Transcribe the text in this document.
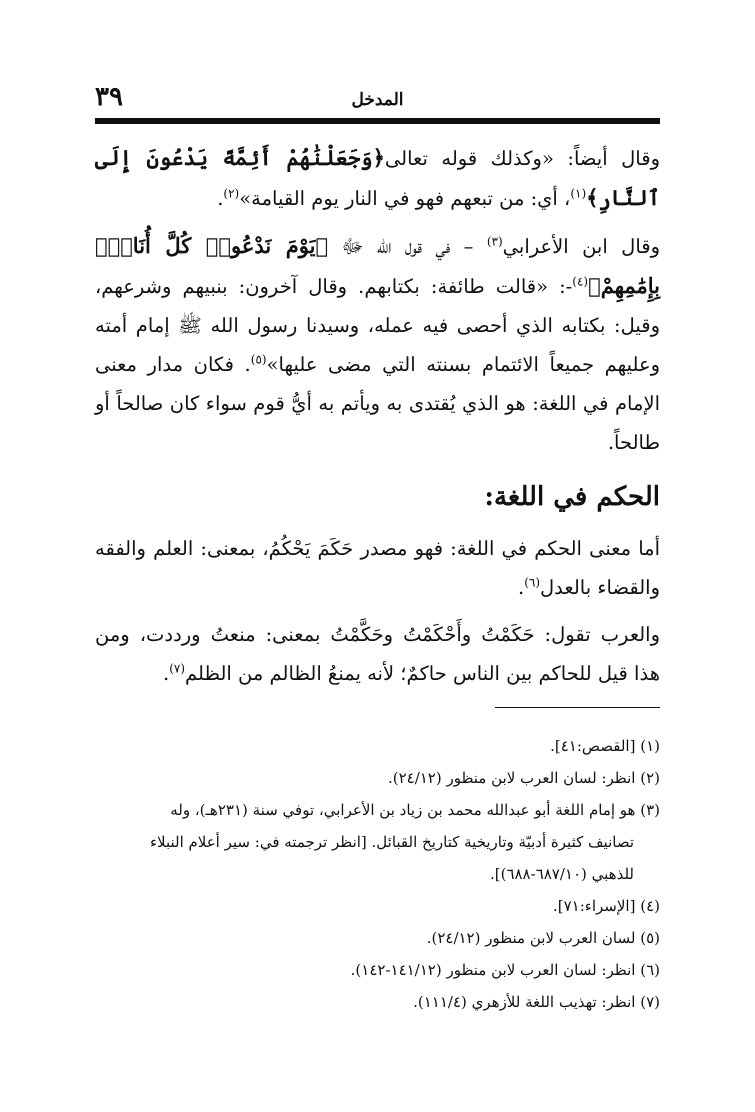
٣٩	المدخل

وقال أيضاً: «وكذلك قوله تعالى﴿وَجَعَلْنَٰهُمْ أَئِمَّةً يَدْعُونَ إِلَى ٱلنَّارِ﴾$^{(١)}$، أي: من تبعهم فهو في النار يوم القيامة»$^{(٢)}$.

وقال ابن الأعرابي$^{(٣)}$ – في قول الله ﷻ ﴿يَوْمَ نَدْعُوا۟ كُلَّ أُنَاسٍۭ بِإِمَٰمِهِمْ﴾$^{(٤)}$-: «قالت طائفة: بكتابهم. وقال آخرون: بنبيهم وشرعهم، وقيل: بكتابه الذي أحصى فيه عمله، وسيدنا رسول الله ﷺ إمام أمته وعليهم جميعاً الائتمام بسنته التي مضى عليها»$^{(٥)}$. فكان مدار معنى الإمام في اللغة: هو الذي يُقتدى به ويأتم به أيُّ قوم سواء كان صالحاً أو طالحاً.

الحكم في اللغة:

أما معنى الحكم في اللغة: فهو مصدر حَكَمَ يَحْكُمُ، بمعنى: العلم والفقه والقضاء بالعدل$^{(٦)}$.

والعرب تقول: حَكَمْتُ وأَحْكَمْتُ وحَكَّمْتُ بمعنى: منعتُ ورددت، ومن هذا قيل للحاكم بين الناس حاكمٌ؛ لأنه يمنعُ الظالم من الظلم$^{(٧)}$.

(١) [القصص:٤١].

(٢) انظر: لسان العرب لابن منظور (٢٤/١٢).

(٣) هو إمام اللغة أبو عبدالله محمد بن زياد بن الأعرابي، توفي سنة (٢٣١هـ)، وله

تصانيف كثيرة أدبيّة وتاريخية كتاريخ القبائل. [انظر ترجمته في: سير أعلام النبلاء

للذهبي (٦٨٧/١٠-٦٨٨)].

(٤) [الإسراء:٧١].

(٥) لسان العرب لابن منظور (٢٤/١٢).

(٦) انظر: لسان العرب لابن منظور (١٤١/١٢-١٤٢).

(٧) انظر: تهذيب اللغة للأزهري (١١١/٤).
